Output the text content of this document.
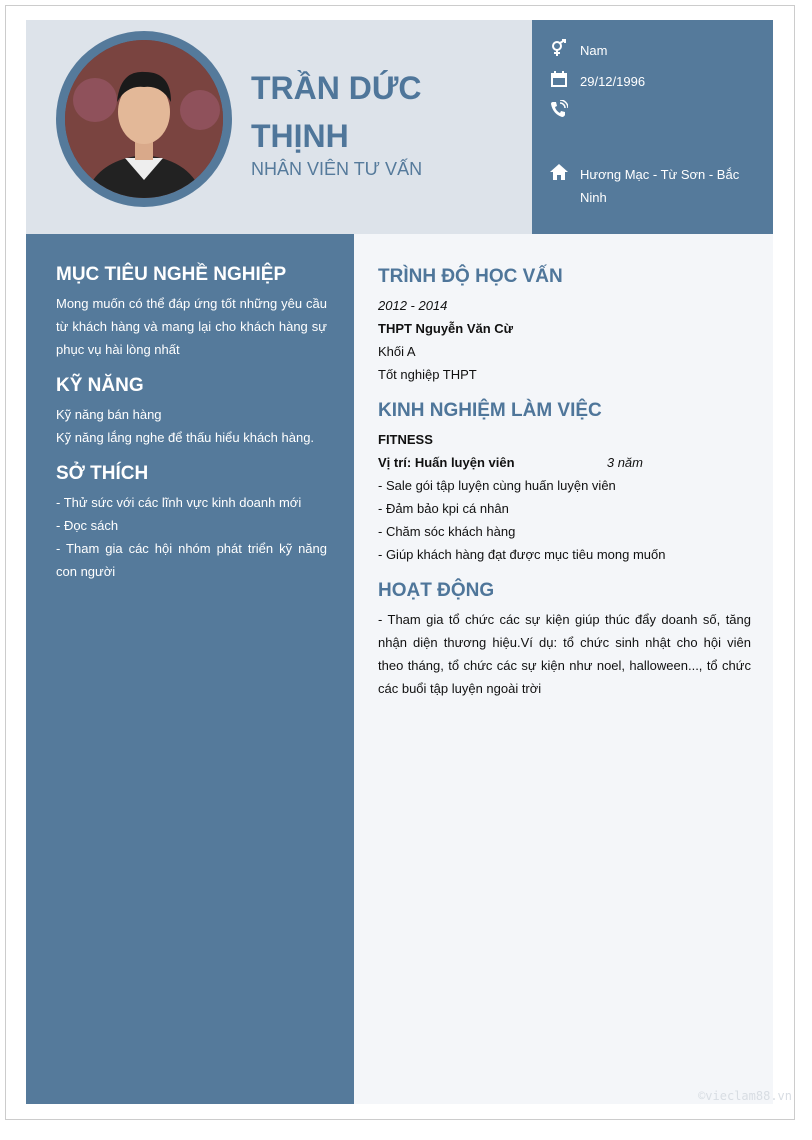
TRẦN DỨC THỊNH
NHÂN VIÊN TƯ VẤN
Nam
29/12/1996
Hương Mạc - Từ Sơn - Bắc Ninh
MỤC TIÊU NGHỀ NGHIỆP

Mong muốn có thể đáp ứng tốt những yêu cầu từ khách hàng và mang lại cho khách hàng sự phục vụ hài lòng nhất

KỸ NĂNG

Kỹ năng bán hàng

Kỹ năng lắng nghe để thấu hiểu khách hàng.

SỞ THÍCH

- Thử sức với các lĩnh vực kinh doanh mới

- Đọc sách

- Tham gia các hội nhóm phát triển kỹ năng con người

TRÌNH ĐỘ HỌC VẤN

2012 - 2014

THPT Nguyễn Văn Cừ

Khối A

Tốt nghiệp THPT

KINH NGHIỆM LÀM VIỆC

FITNESS

Vị trí: Huấn luyện viên	3 năm

- Sale gói tập luyện cùng huấn luyện viên

- Đảm bảo kpi cá nhân

- Chăm sóc khách hàng

- Giúp khách hàng đạt được mục tiêu mong muốn

HOẠT ĐỘNG

- Tham gia tổ chức các sự kiện giúp thúc đẩy doanh số, tăng nhận diện thương hiệu.Ví dụ: tổ chức sinh nhật cho hội viên theo tháng, tổ chức các sự kiện như noel, halloween..., tổ chức các buổi tập luyện ngoài trời

©vieclam88.vn
